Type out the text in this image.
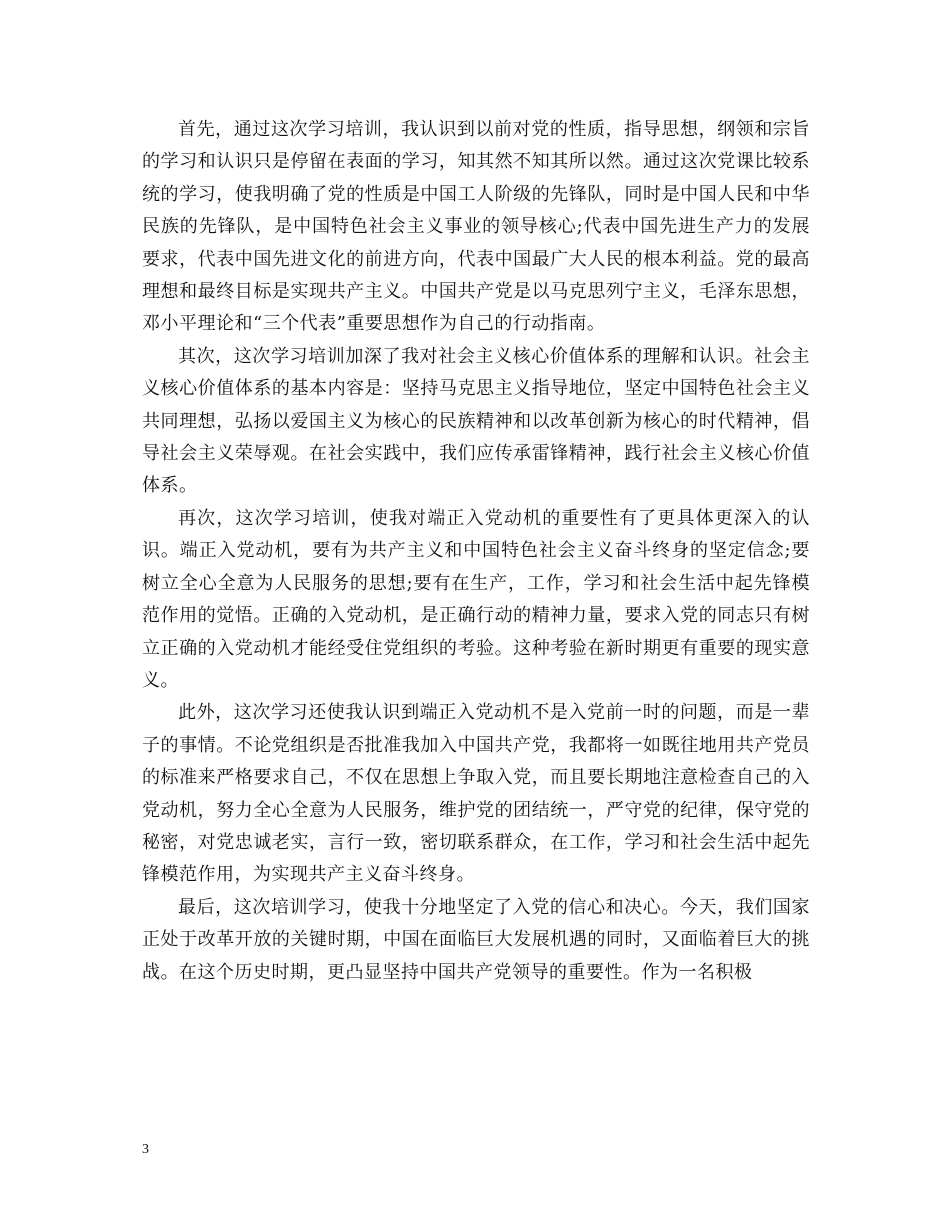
首先，通过这次学习培训，我认识到以前对党的性质，指导思想，纲领和宗旨的学习和认识只是停留在表面的学习，知其然不知其所以然。通过这次党课比较系统的学习，使我明确了党的性质是中国工人阶级的先锋队，同时是中国人民和中华民族的先锋队，是中国特色社会主义事业的领导核心;代表中国先进生产力的发展要求，代表中国先进文化的前进方向，代表中国最广大人民的根本利益。党的最高理想和最终目标是实现共产主义。中国共产党是以马克思列宁主义，毛泽东思想，邓小平理论和“三个代表”重要思想作为自己的行动指南。

其次，这次学习培训加深了我对社会主义核心价值体系的理解和认识。社会主义核心价值体系的基本内容是：坚持马克思主义指导地位，坚定中国特色社会主义共同理想，弘扬以爱国主义为核心的民族精神和以改革创新为核心的时代精神，倡导社会主义荣辱观。在社会实践中，我们应传承雷锋精神，践行社会主义核心价值体系。

再次，这次学习培训，使我对端正入党动机的重要性有了更具体更深入的认识。端正入党动机，要有为共产主义和中国特色社会主义奋斗终身的坚定信念;要树立全心全意为人民服务的思想;要有在生产，工作，学习和社会生活中起先锋模范作用的觉悟。正确的入党动机，是正确行动的精神力量，要求入党的同志只有树立正确的入党动机才能经受住党组织的考验。这种考验在新时期更有重要的现实意义。

此外，这次学习还使我认识到端正入党动机不是入党前一时的问题，而是一辈子的事情。不论党组织是否批准我加入中国共产党，我都将一如既往地用共产党员的标准来严格要求自己，不仅在思想上争取入党，而且要长期地注意检查自己的入党动机，努力全心全意为人民服务，维护党的团结统一，严守党的纪律，保守党的秘密，对党忠诚老实，言行一致，密切联系群众，在工作，学习和社会生活中起先锋模范作用，为实现共产主义奋斗终身。

最后，这次培训学习，使我十分地坚定了入党的信心和决心。今天，我们国家正处于改革开放的关键时期，中国在面临巨大发展机遇的同时，又面临着巨大的挑战。在这个历史时期，更凸显坚持中国共产党领导的重要性。作为一名积极

3
